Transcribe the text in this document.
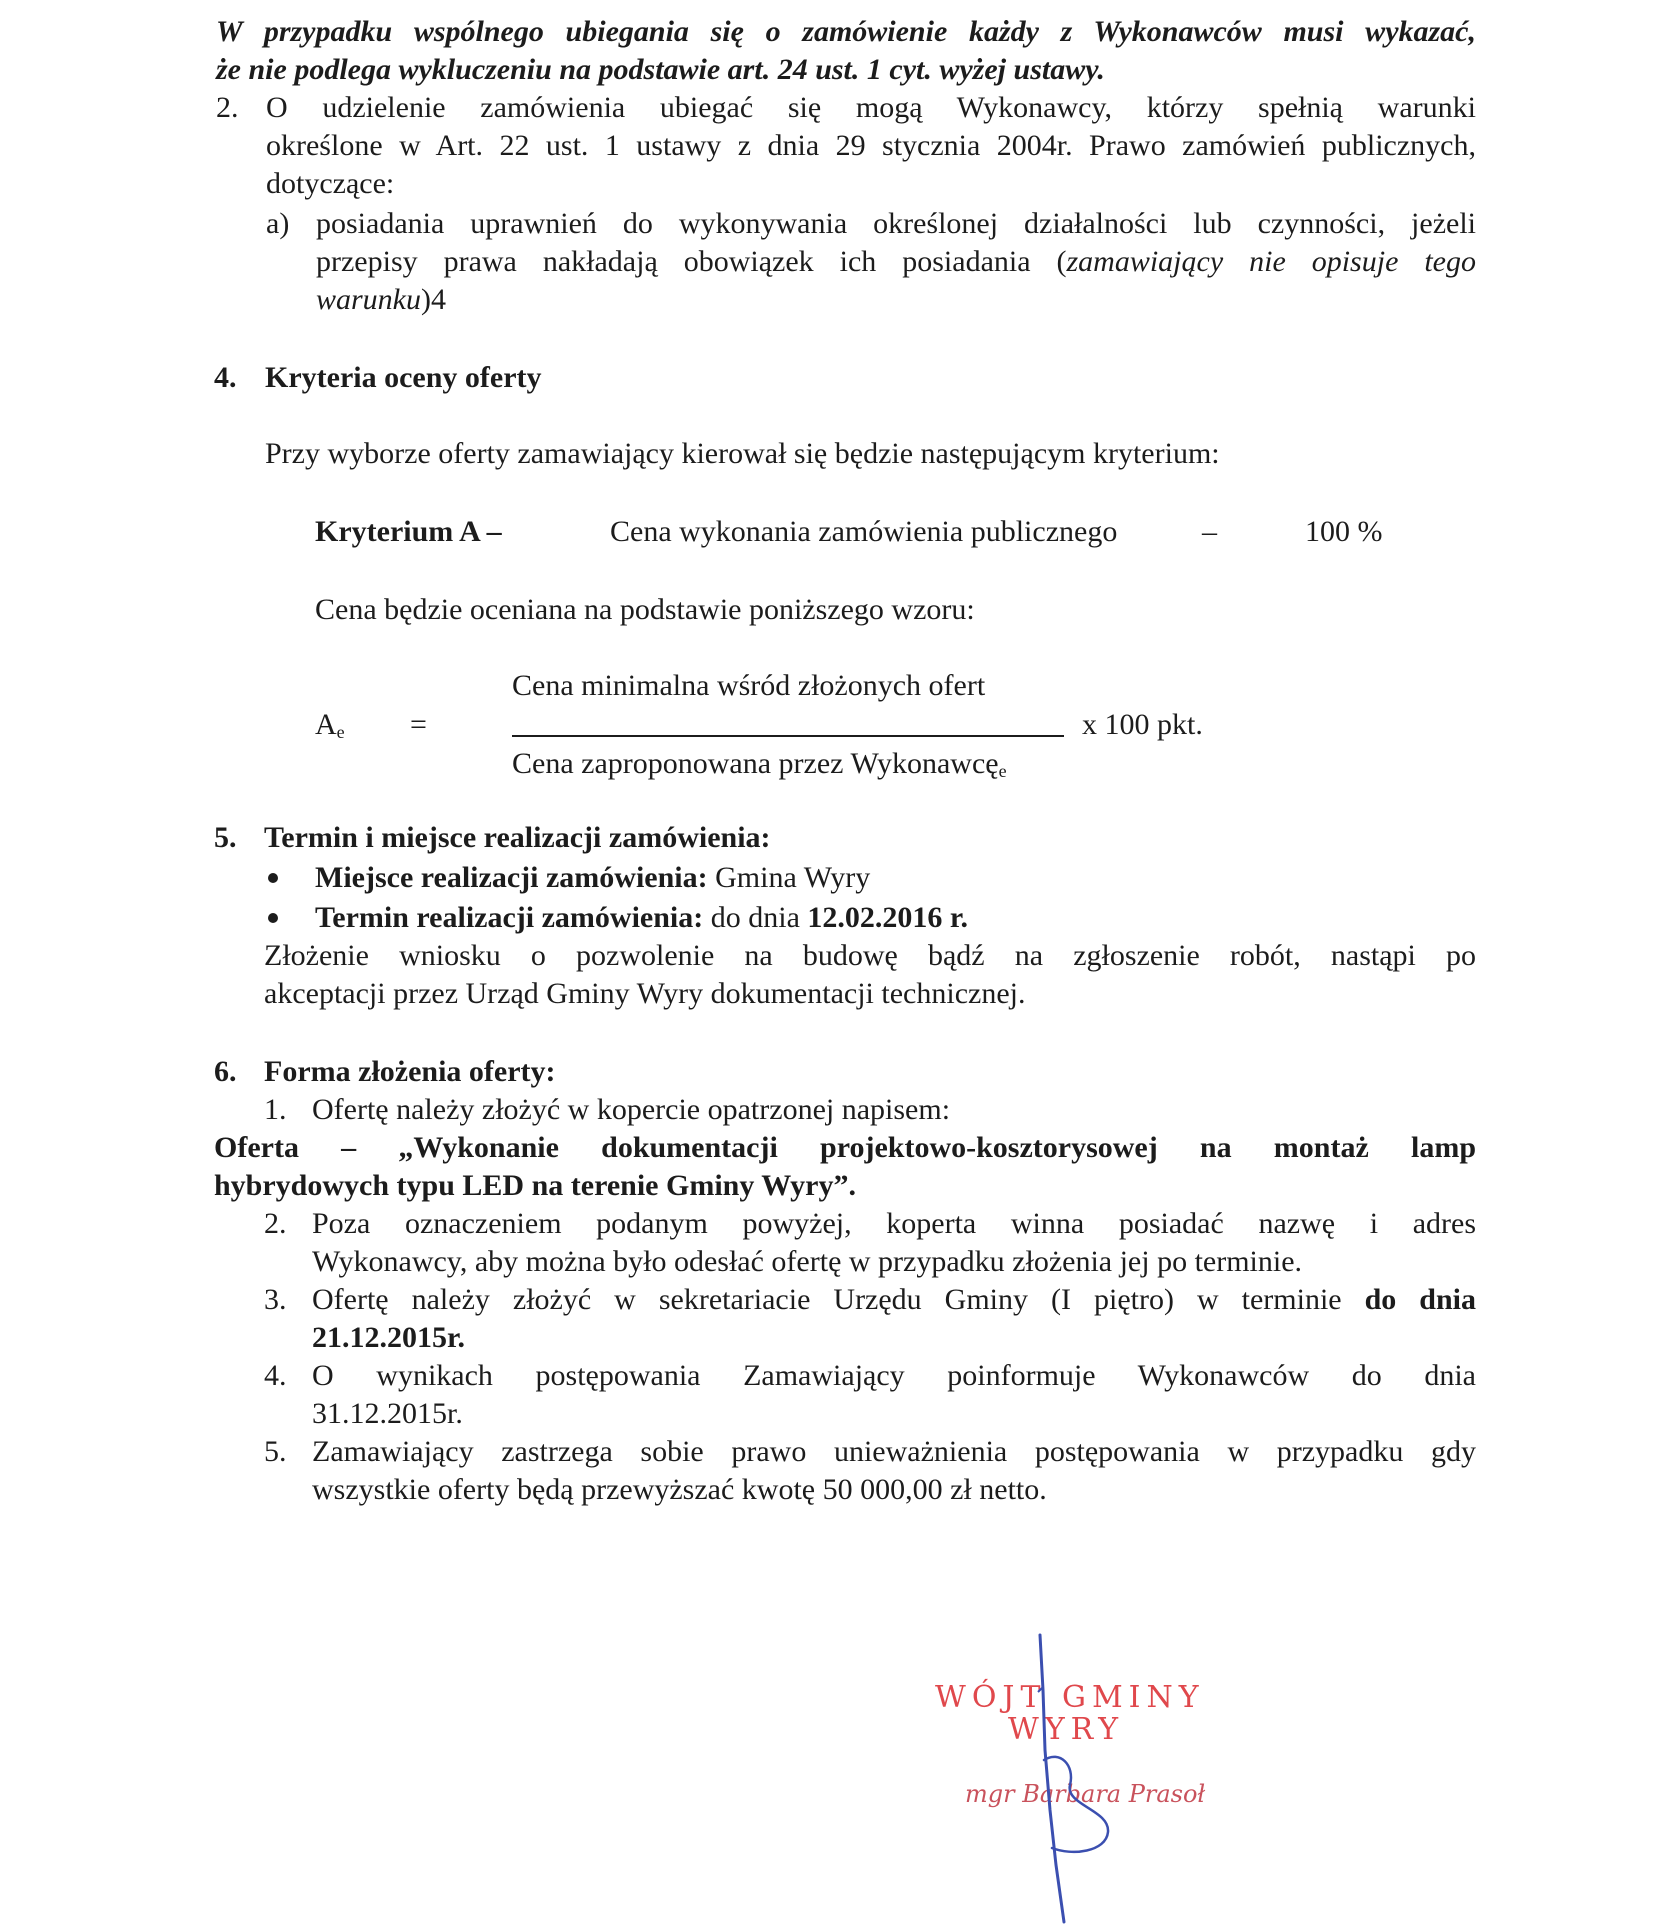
W przypadku wspólnego ubiegania się o zamówienie każdy z Wykonawców musi wykazać,
że nie podlega wykluczeniu na podstawie art. 24 ust. 1 cyt. wyżej ustawy.
2. O udzielenie zamówienia ubiegać się mogą Wykonawcy, którzy spełnią warunki
określone w Art. 22 ust. 1 ustawy z dnia 29 stycznia 2004r. Prawo zamówień publicznych,
dotyczące:
a) posiadania uprawnień do wykonywania określonej działalności lub czynności, jeżeli
przepisy prawa nakładają obowiązek ich posiadania (zamawiający nie opisuje tego
warunku)4
4. Kryteria oceny oferty
Przy wyborze oferty zamawiający kierował się będzie następującym kryterium:
Kryterium A –	Cena wykonania zamówienia publicznego	–	100 %
Cena będzie oceniana na podstawie poniższego wzoru:
Cena minimalna wśród złożonych ofert
$A_e$ =	x 100 pkt.
Cena zaproponowana przez Wykonawcę$_e$
5. Termin i miejsce realizacji zamówienia:
Miejsce realizacji zamówienia: Gmina Wyry
Termin realizacji zamówienia: do dnia 12.02.2016 r.
Złożenie wniosku o pozwolenie na budowę bądź na zgłoszenie robót, nastąpi po
akceptacji przez Urząd Gminy Wyry dokumentacji technicznej.
6. Forma złożenia oferty:
1. Ofertę należy złożyć w kopercie opatrzonej napisem:
Oferta – „Wykonanie dokumentacji projektowo-kosztorysowej na montaż lamp
hybrydowych typu LED na terenie Gminy Wyry”.
2. Poza oznaczeniem podanym powyżej, koperta winna posiadać nazwę i adres
Wykonawcy, aby można było odesłać ofertę w przypadku złożenia jej po terminie.
3. Ofertę należy złożyć w sekretariacie Urzędu Gminy (I piętro) w terminie do dnia
21.12.2015r.
4. O wynikach postępowania Zamawiający poinformuje Wykonawców do dnia
31.12.2015r.
5. Zamawiający zastrzega sobie prawo unieważnienia postępowania w przypadku gdy
wszystkie oferty będą przewyższać kwotę 50 000,00 zł netto.
WÓJT GMINY
WYRY
mgr Barbara Prasoł
